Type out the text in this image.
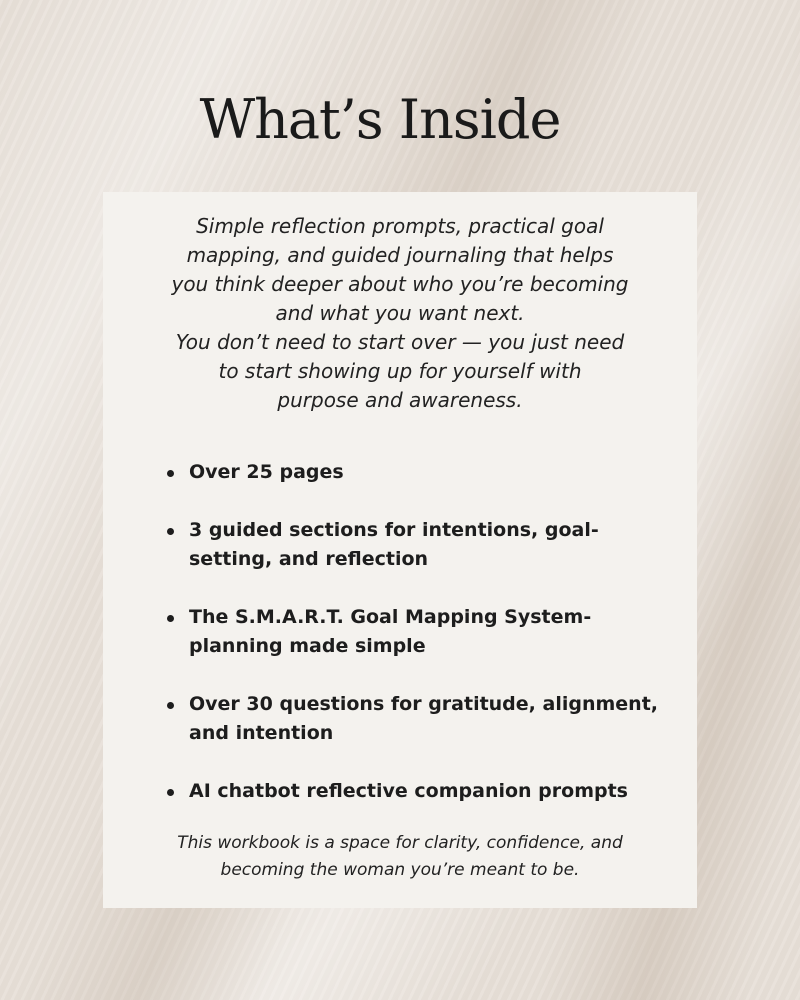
What’s Inside

Simple reflection prompts, practical goal
mapping, and guided journaling that helps
you think deeper about who you’re becoming
and what you want next.
You don’t need to start over — you just need
to start showing up for yourself with
purpose and awareness.

Over 25 pages
3 guided sections for intentions, goal-
setting, and reflection
The S.M.A.R.T. Goal Mapping System-
planning made simple
Over 30 questions for gratitude, alignment,
and intention
AI chatbot reflective companion prompts

This workbook is a space for clarity, confidence, and
becoming the woman you’re meant to be.
